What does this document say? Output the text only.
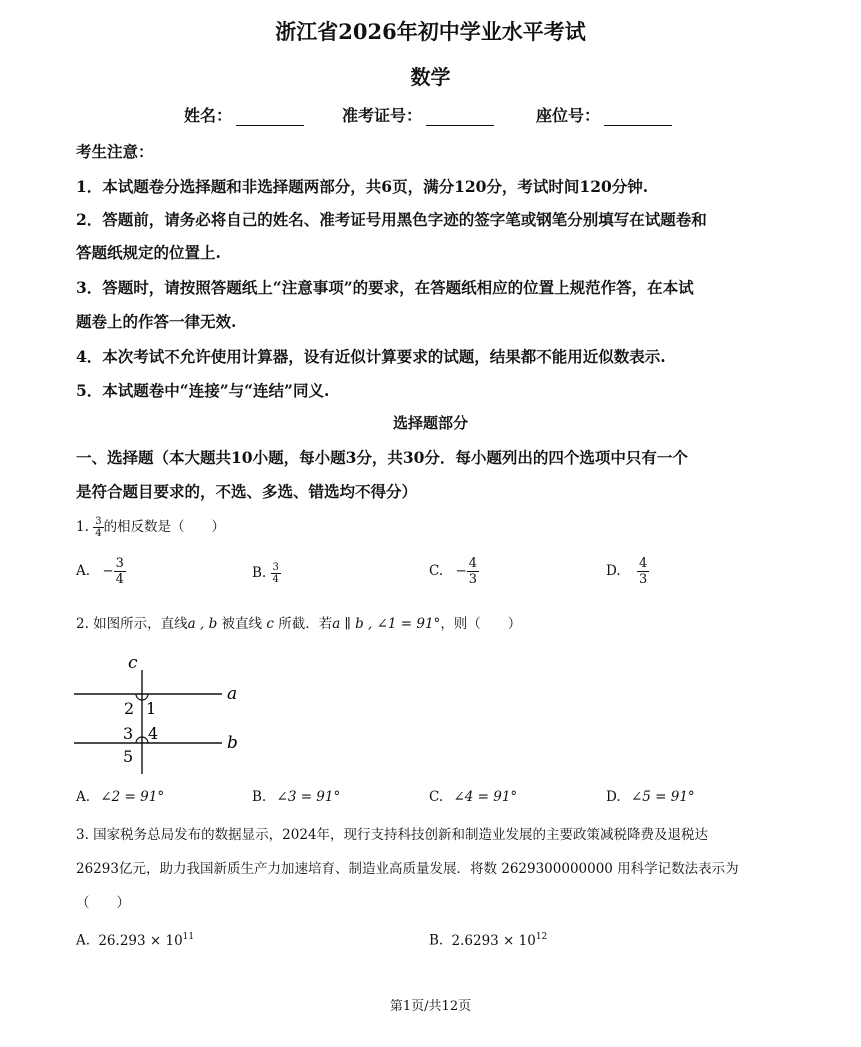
浙江省2026年初中学业水平考试
数学
姓名：	准考证号：	座位号：
考生注意：
1．本试题卷分选择题和非选择题两部分，共6页，满分120分，考试时间120分钟.
2．答题前，请务必将自己的姓名、准考证号用黑色字迹的签字笔或钢笔分别填写在试题卷和
答题纸规定的位置上.
3．答题时，请按照答题纸上“注意事项”的要求，在答题纸相应的位置上规范作答，在本试
题卷上的作答一律无效.
4．本次考试不允许使用计算器，设有近似计算要求的试题，结果都不能用近似数表示.
5．本试题卷中“连接”与“连结”同义.
选择题部分
一、选择题（本大题共10小题，每小题3分，共30分．每小题列出的四个选项中只有一个
是符合题目要求的，不选、多选、错选均不得分）
1. $\frac{3}{4}$ 的相反数是（　　）
A. − $\frac{3}{4}$	B. $\frac{3}{4}$	C. − $\frac{4}{3}$	D. $\frac{4}{3}$
2. 如图所示，直线a , b 被直线 c 所截．若a ∥ b , ∠1 = 91°，则（　　）
c
a
b
1
2
3 4
5
A. ∠2 = 91°	B. ∠3 = 91°	C. ∠4 = 91°	D. ∠5 = 91°
3. 国家税务总局发布的数据显示，2024年，现行支持科技创新和制造业发展的主要政策减税降费及退税达
26293亿元，助力我国新质生产力加速培育、制造业高质量发展．将数 2629300000000 用科学记数法表示为
（　　）
A. $26.293 \times 10^{11}$	B. $2.6293 \times 10^{12}$
第1页/共12页
